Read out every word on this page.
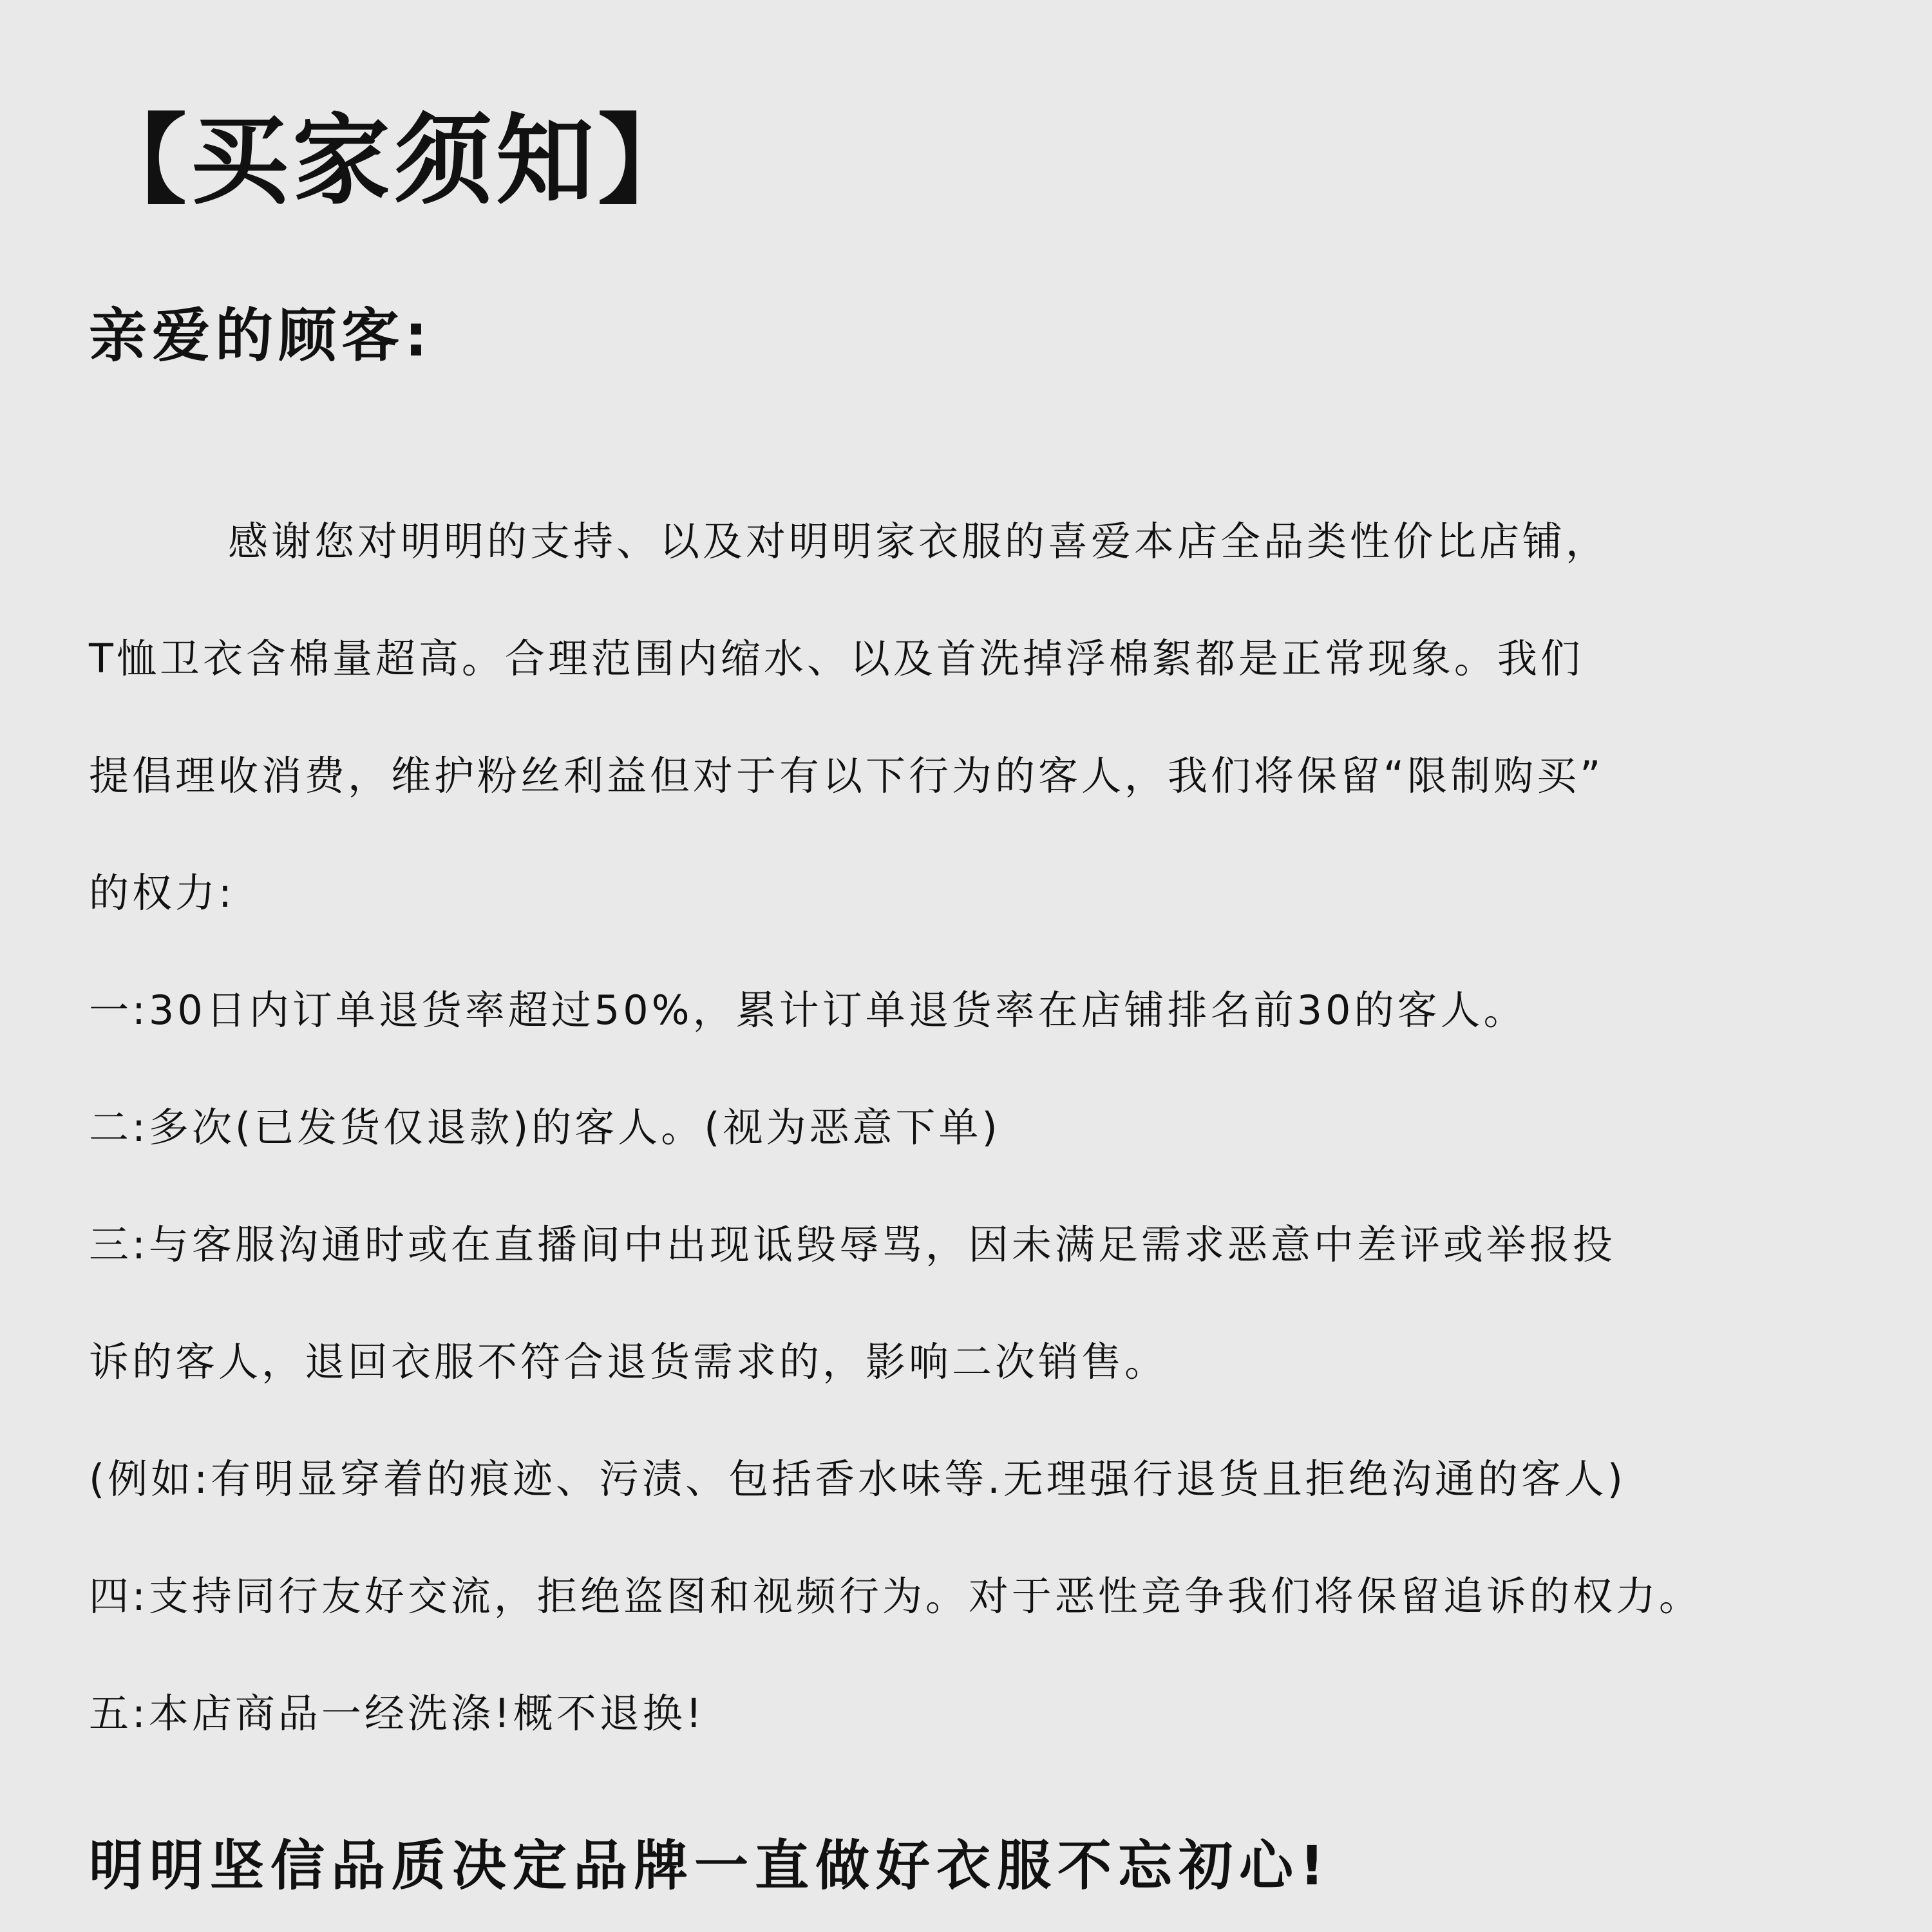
【买家须知】
亲爱的顾客:
感谢您对明明的支持、以及对明明家衣服的喜爱本店全品类性价比店铺，
T恤卫衣含棉量超高。合理范围内缩水、以及首洗掉浮棉絮都是正常现象。我们
提倡理收消费，维护粉丝利益但对于有以下行为的客人，我们将保留“限制购买”
的权力:
一:30日内订单退货率超过50%，累计订单退货率在店铺排名前30的客人。
二:多次(已发货仅退款)的客人。(视为恶意下单)
三:与客服沟通时或在直播间中出现诋毁辱骂，因未满足需求恶意中差评或举报投
诉的客人，退回衣服不符合退货需求的，影响二次销售。
(例如:有明显穿着的痕迹、污渍、包括香水味等.无理强行退货且拒绝沟通的客人)
四:支持同行友好交流，拒绝盗图和视频行为。对于恶性竞争我们将保留追诉的权力。
五:本店商品一经洗涤!概不退换!

明明坚信品质决定品牌一直做好衣服不忘初心!
